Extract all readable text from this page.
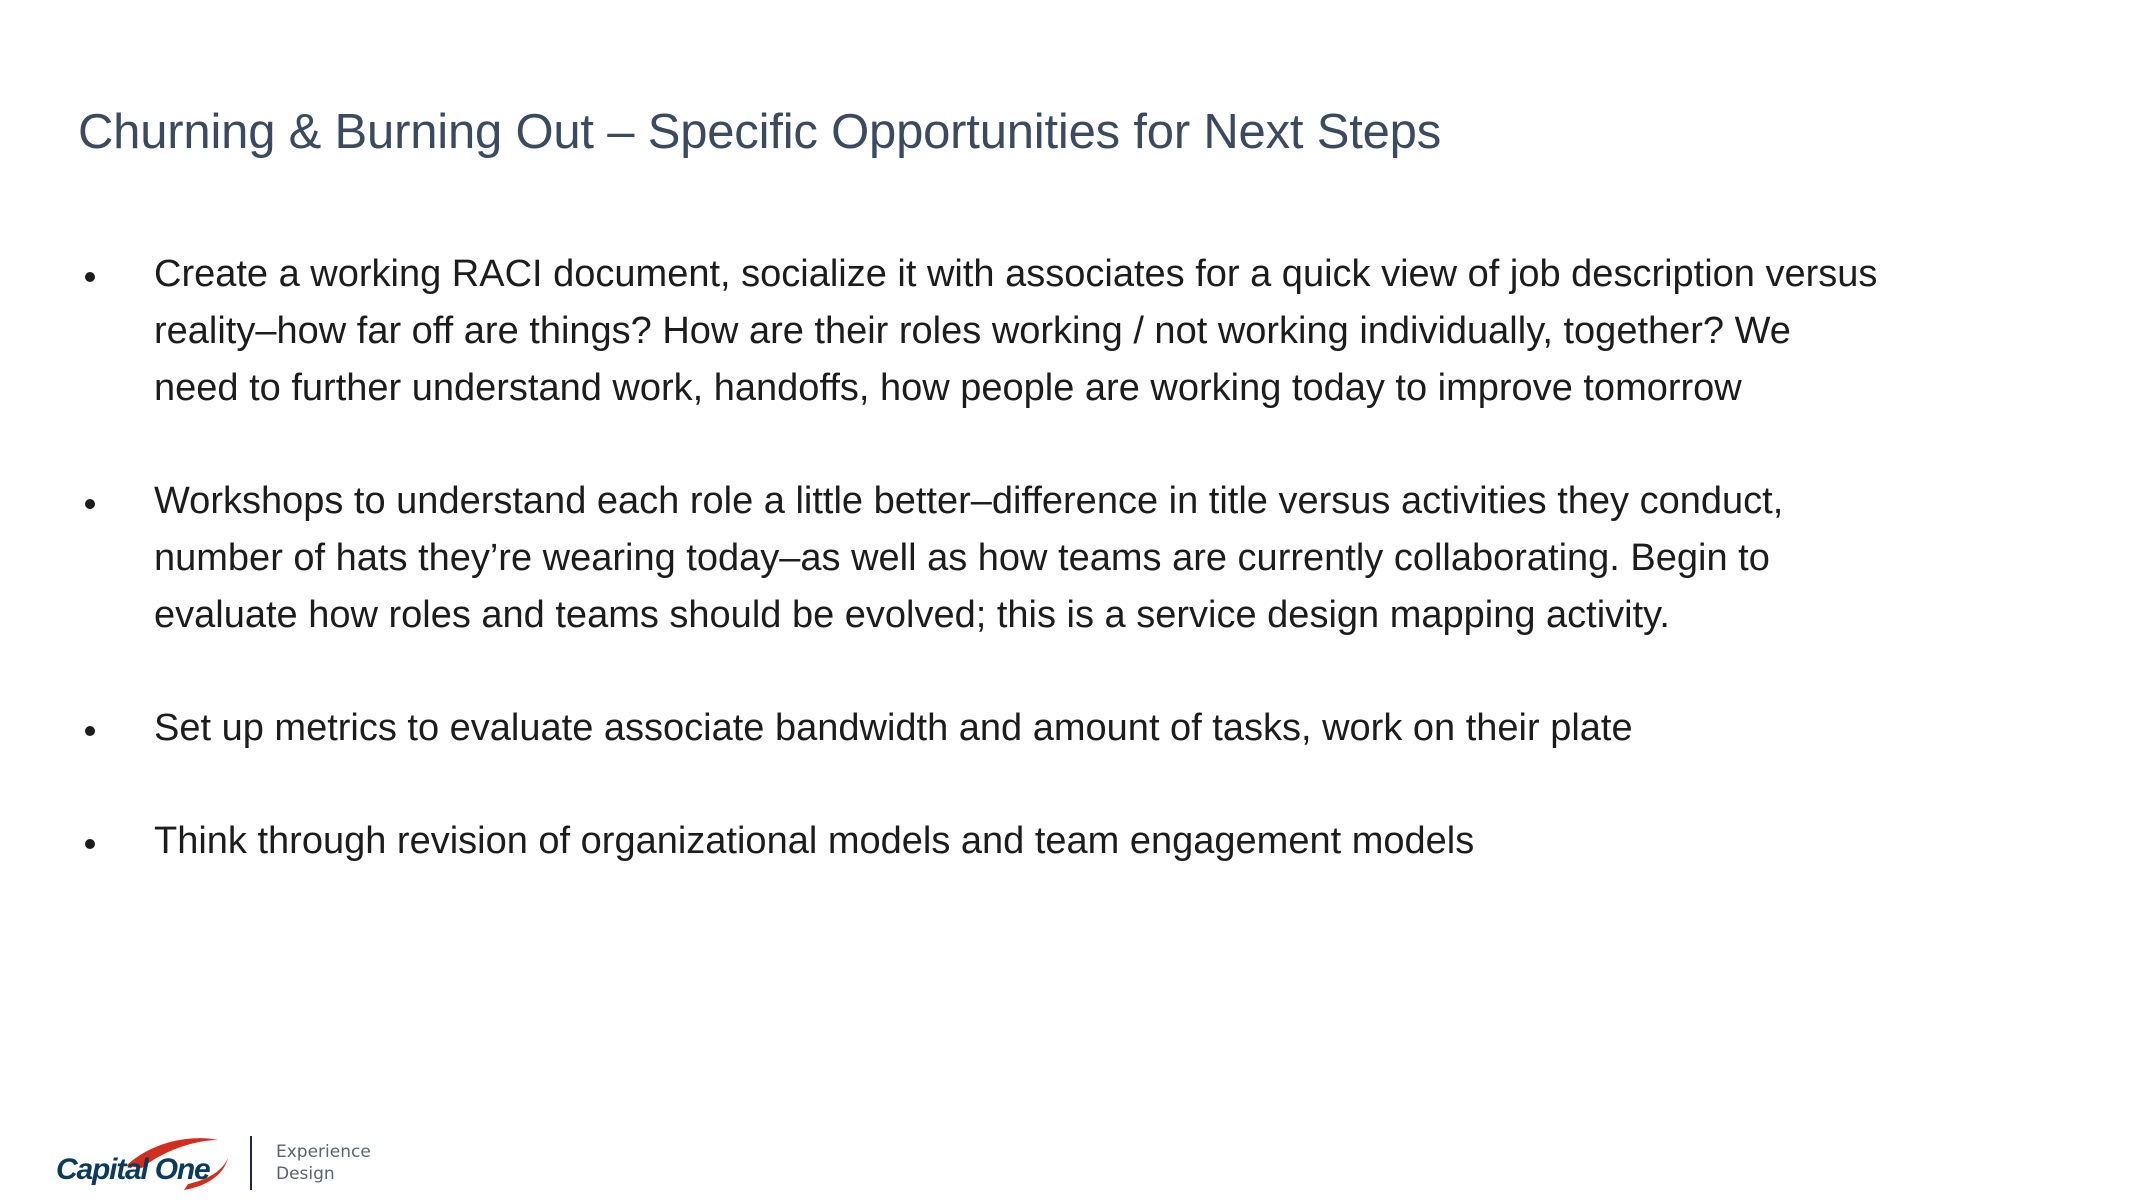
Churning & Burning Out – Specific Opportunities for Next Steps
Create a working RACI document, socialize it with associates for a quick view of job description versus reality–how far off are things? How are their roles working / not working individually, together? We need to further understand work, handoffs, how people are working today to improve tomorrow
Workshops to understand each role a little better–difference in title versus activities they conduct, number of hats they’re wearing today–as well as how teams are currently collaborating. Begin to evaluate how roles and teams should be evolved; this is a service design mapping activity.
Set up metrics to evaluate associate bandwidth and amount of tasks, work on their plate
Think through revision of organizational models and team engagement models
Capital One
Experience
Design
